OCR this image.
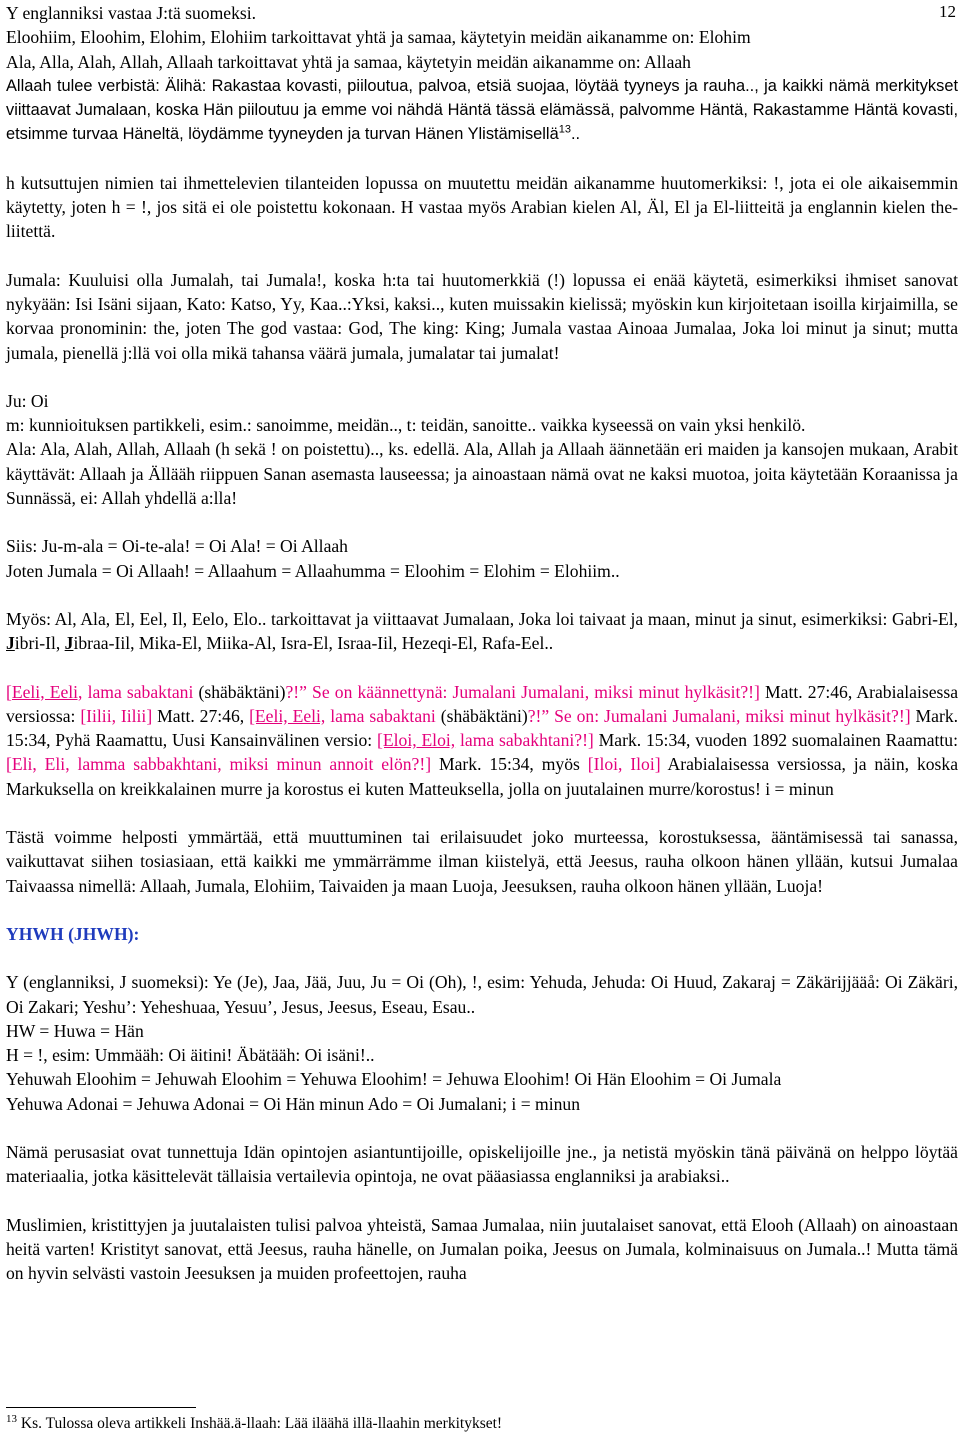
12

Y englanniksi vastaa J:tä suomeksi.

Eloohiim, Eloohim, Elohim, Elohiim tarkoittavat yhtä ja samaa, käytetyin meidän aikanamme on: Elohim

Ala, Alla, Alah, Allah, Allaah tarkoittavat yhtä ja samaa, käytetyin meidän aikanamme on: Allaah

Allaah tulee verbistä: Älihä: Rakastaa kovasti, piiloutua, palvoa, etsiä suojaa, löytää tyyneys ja rauha.., ja kaikki nämä merkitykset viittaavat Jumalaan, koska Hän piiloutuu ja emme voi nähdä Häntä tässä elämässä, palvomme Häntä, Rakastamme Häntä kovasti, etsimme turvaa Häneltä, löydämme tyyneyden ja turvan Hänen Ylistämisellä$^{13}$..

h kutsuttujen nimien tai ihmettelevien tilanteiden lopussa on muutettu meidän aikanamme huutomerkiksi: !, jota ei ole aikaisemmin käytetty, joten h = !, jos sitä ei ole poistettu kokonaan. H vastaa myös Arabian kielen Al, Äl, El ja El-liitteitä ja englannin kielen the-liitettä.

Jumala: Kuuluisi olla Jumalah, tai Jumala!, koska h:ta tai huutomerkkiä (!) lopussa ei enää käytetä, esimerkiksi ihmiset sanovat nykyään: Isi Isäni sijaan, Kato: Katso, Yy, Kaa..:Yksi, kaksi.., kuten muissakin kielissä; myöskin kun kirjoitetaan isoilla kirjaimilla, se korvaa pronominin: the, joten The god vastaa: God, The king: King; Jumala vastaa Ainoaa Jumalaa, Joka loi minut ja sinut; mutta jumala, pienellä j:llä voi olla mikä tahansa väärä jumala, jumalatar tai jumalat!

Ju: Oi

m: kunnioituksen partikkeli, esim.: sanoimme, meidän.., t: teidän, sanoitte.. vaikka kyseessä on vain yksi henkilö.

Ala: Ala, Alah, Allah, Allaah (h sekä ! on poistettu).., ks. edellä. Ala, Allah ja Allaah äännetään eri maiden ja kansojen mukaan, Arabit käyttävät: Allaah ja Ällääh riippuen Sanan asemasta lauseessa; ja ainoastaan nämä ovat ne kaksi muotoa, joita käytetään Koraanissa ja Sunnässä, ei: Allah yhdellä a:lla!

Siis: Ju-m-ala = Oi-te-ala! = Oi Ala! = Oi Allaah

Joten Jumala = Oi Allaah! = Allaahum = Allaahumma = Eloohim = Elohim = Elohiim..

Myös: Al, Ala, El, Eel, Il, Eelo, Elo.. tarkoittavat ja viittaavat Jumalaan, Joka loi taivaat ja maan, minut ja sinut, esimerkiksi: Gabri-El, Jibri-Il, Jibraa-Iil, Mika-El, Miika-Al, Isra-El, Israa-Iil, Hezeqi-El, Rafa-Eel..

[Eeli, Eeli, lama sabaktani (shäbäktäni)?!” Se on käännettynä: Jumalani Jumalani, miksi minut hylkäsit?!] Matt. 27:46, Arabialaisessa versiossa: [Iilii, Iilii] Matt. 27:46, [Eeli, Eeli, lama sabaktani (shäbäktäni)?!” Se on: Jumalani Jumalani, miksi minut hylkäsit?!] Mark. 15:34, Pyhä Raamattu, Uusi Kansainvälinen versio: [Eloi, Eloi, lama sabakhtani?!] Mark. 15:34, vuoden 1892 suomalainen Raamattu: [Eli, Eli, lamma sabbakhtani, miksi minun annoit elön?!] Mark. 15:34, myös [Iloi, Iloi] Arabialaisessa versiossa, ja näin, koska Markuksella on kreikkalainen murre ja korostus ei kuten Matteuksella, jolla on juutalainen murre/korostus! i = minun

Tästä voimme helposti ymmärtää, että muuttuminen tai erilaisuudet joko murteessa, korostuksessa, ääntämisessä tai sanassa, vaikuttavat siihen tosiasiaan, että kaikki me ymmärrämme ilman kiistelyä, että Jeesus, rauha olkoon hänen yllään, kutsui Jumalaa Taivaassa nimellä: Allaah, Jumala, Elohiim, Taivaiden ja maan Luoja, Jeesuksen, rauha olkoon hänen yllään, Luoja!

YHWH (JHWH):

Y (englanniksi, J suomeksi): Ye (Je), Jaa, Jää, Juu, Ju = Oi (Oh), !, esim: Yehuda, Jehuda: Oi Huud, Zakaraj = Zäkärijjääå: Oi Zäkäri, Oi Zakari; Yeshu’: Yeheshuaa, Yesuu’, Jesus, Jeesus, Eseau, Esau..

HW = Huwa = Hän

H = !, esim: Ummääh: Oi äitini! Äbätääh: Oi isäni!..

Yehuwah Eloohim = Jehuwah Eloohim = Yehuwa Eloohim! = Jehuwa Eloohim! Oi Hän Eloohim = Oi Jumala

Yehuwa Adonai = Jehuwa Adonai = Oi Hän minun Ado = Oi Jumalani; i = minun

Nämä perusasiat ovat tunnettuja Idän opintojen asiantuntijoille, opiskelijoille jne., ja netistä myöskin tänä päivänä on helppo löytää materiaalia, jotka käsittelevät tällaisia vertailevia opintoja, ne ovat pääasiassa englanniksi ja arabiaksi..

Muslimien, kristittyjen ja juutalaisten tulisi palvoa yhteistä, Samaa Jumalaa, niin juutalaiset sanovat, että Elooh (Allaah) on ainoastaan heitä varten! Kristityt sanovat, että Jeesus, rauha hänelle, on Jumalan poika, Jeesus on Jumala, kolminaisuus on Jumala..! Mutta tämä on hyvin selvästi vastoin Jeesuksen ja muiden profeettojen, rauha

$^{13}$ Ks. Tulossa oleva artikkeli Inshää.ä-llaah: Lää iläähä illä-llaahin merkitykset!
